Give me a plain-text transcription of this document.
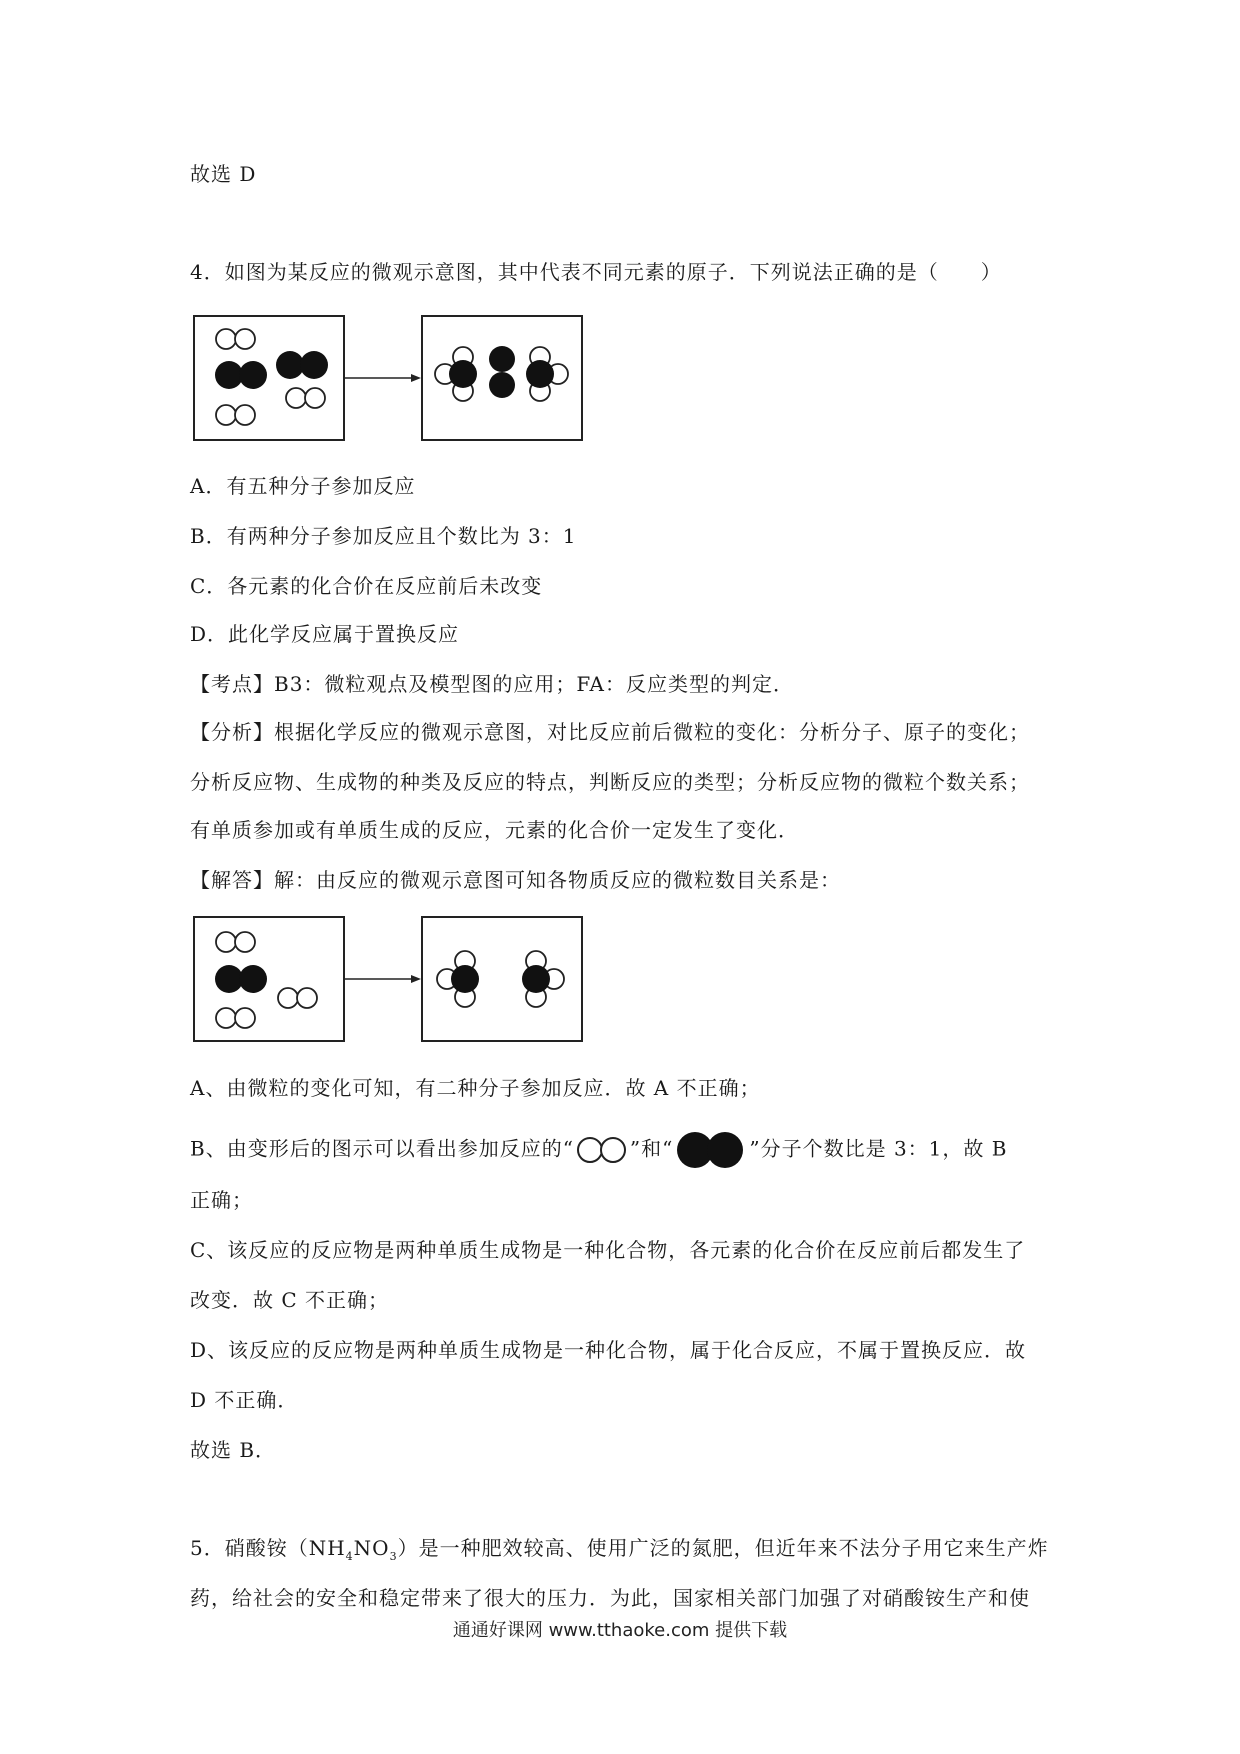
故选 D
4．如图为某反应的微观示意图，其中代表不同元素的原子．下列说法正确的是（　　）
A．有五种分子参加反应
B．有两种分子参加反应且个数比为 3：1
C．各元素的化合价在反应前后未改变
D．此化学反应属于置换反应
【考点】B3：微粒观点及模型图的应用；FA：反应类型的判定．
【分析】根据化学反应的微观示意图，对比反应前后微粒的变化：分析分子、原子的变化；
分析反应物、生成物的种类及反应的特点，判断反应的类型；分析反应物的微粒个数关系；
有单质参加或有单质生成的反应，元素的化合价一定发生了变化．
【解答】解：由反应的微观示意图可知各物质反应的微粒数目关系是：
A、由微粒的变化可知，有二种分子参加反应．故 A 不正确；
B、由变形后的图示可以看出参加反应的“	”和“	”分子个数比是 3：1，故 B
正确；
C、该反应的反应物是两种单质生成物是一种化合物，各元素的化合价在反应前后都发生了
改变．故 C 不正确；
D、该反应的反应物是两种单质生成物是一种化合物，属于化合反应，不属于置换反应．故
D 不正确．
故选 B．
5．硝酸铵$(NH_4NO_3)$是一种肥效较高、使用广泛的氮肥，但近年来不法分子用它来生产炸
药，给社会的安全和稳定带来了很大的压力．为此，国家相关部门加强了对硝酸铵生产和使
通通好课网 www.tthaoke.com 提供下载
